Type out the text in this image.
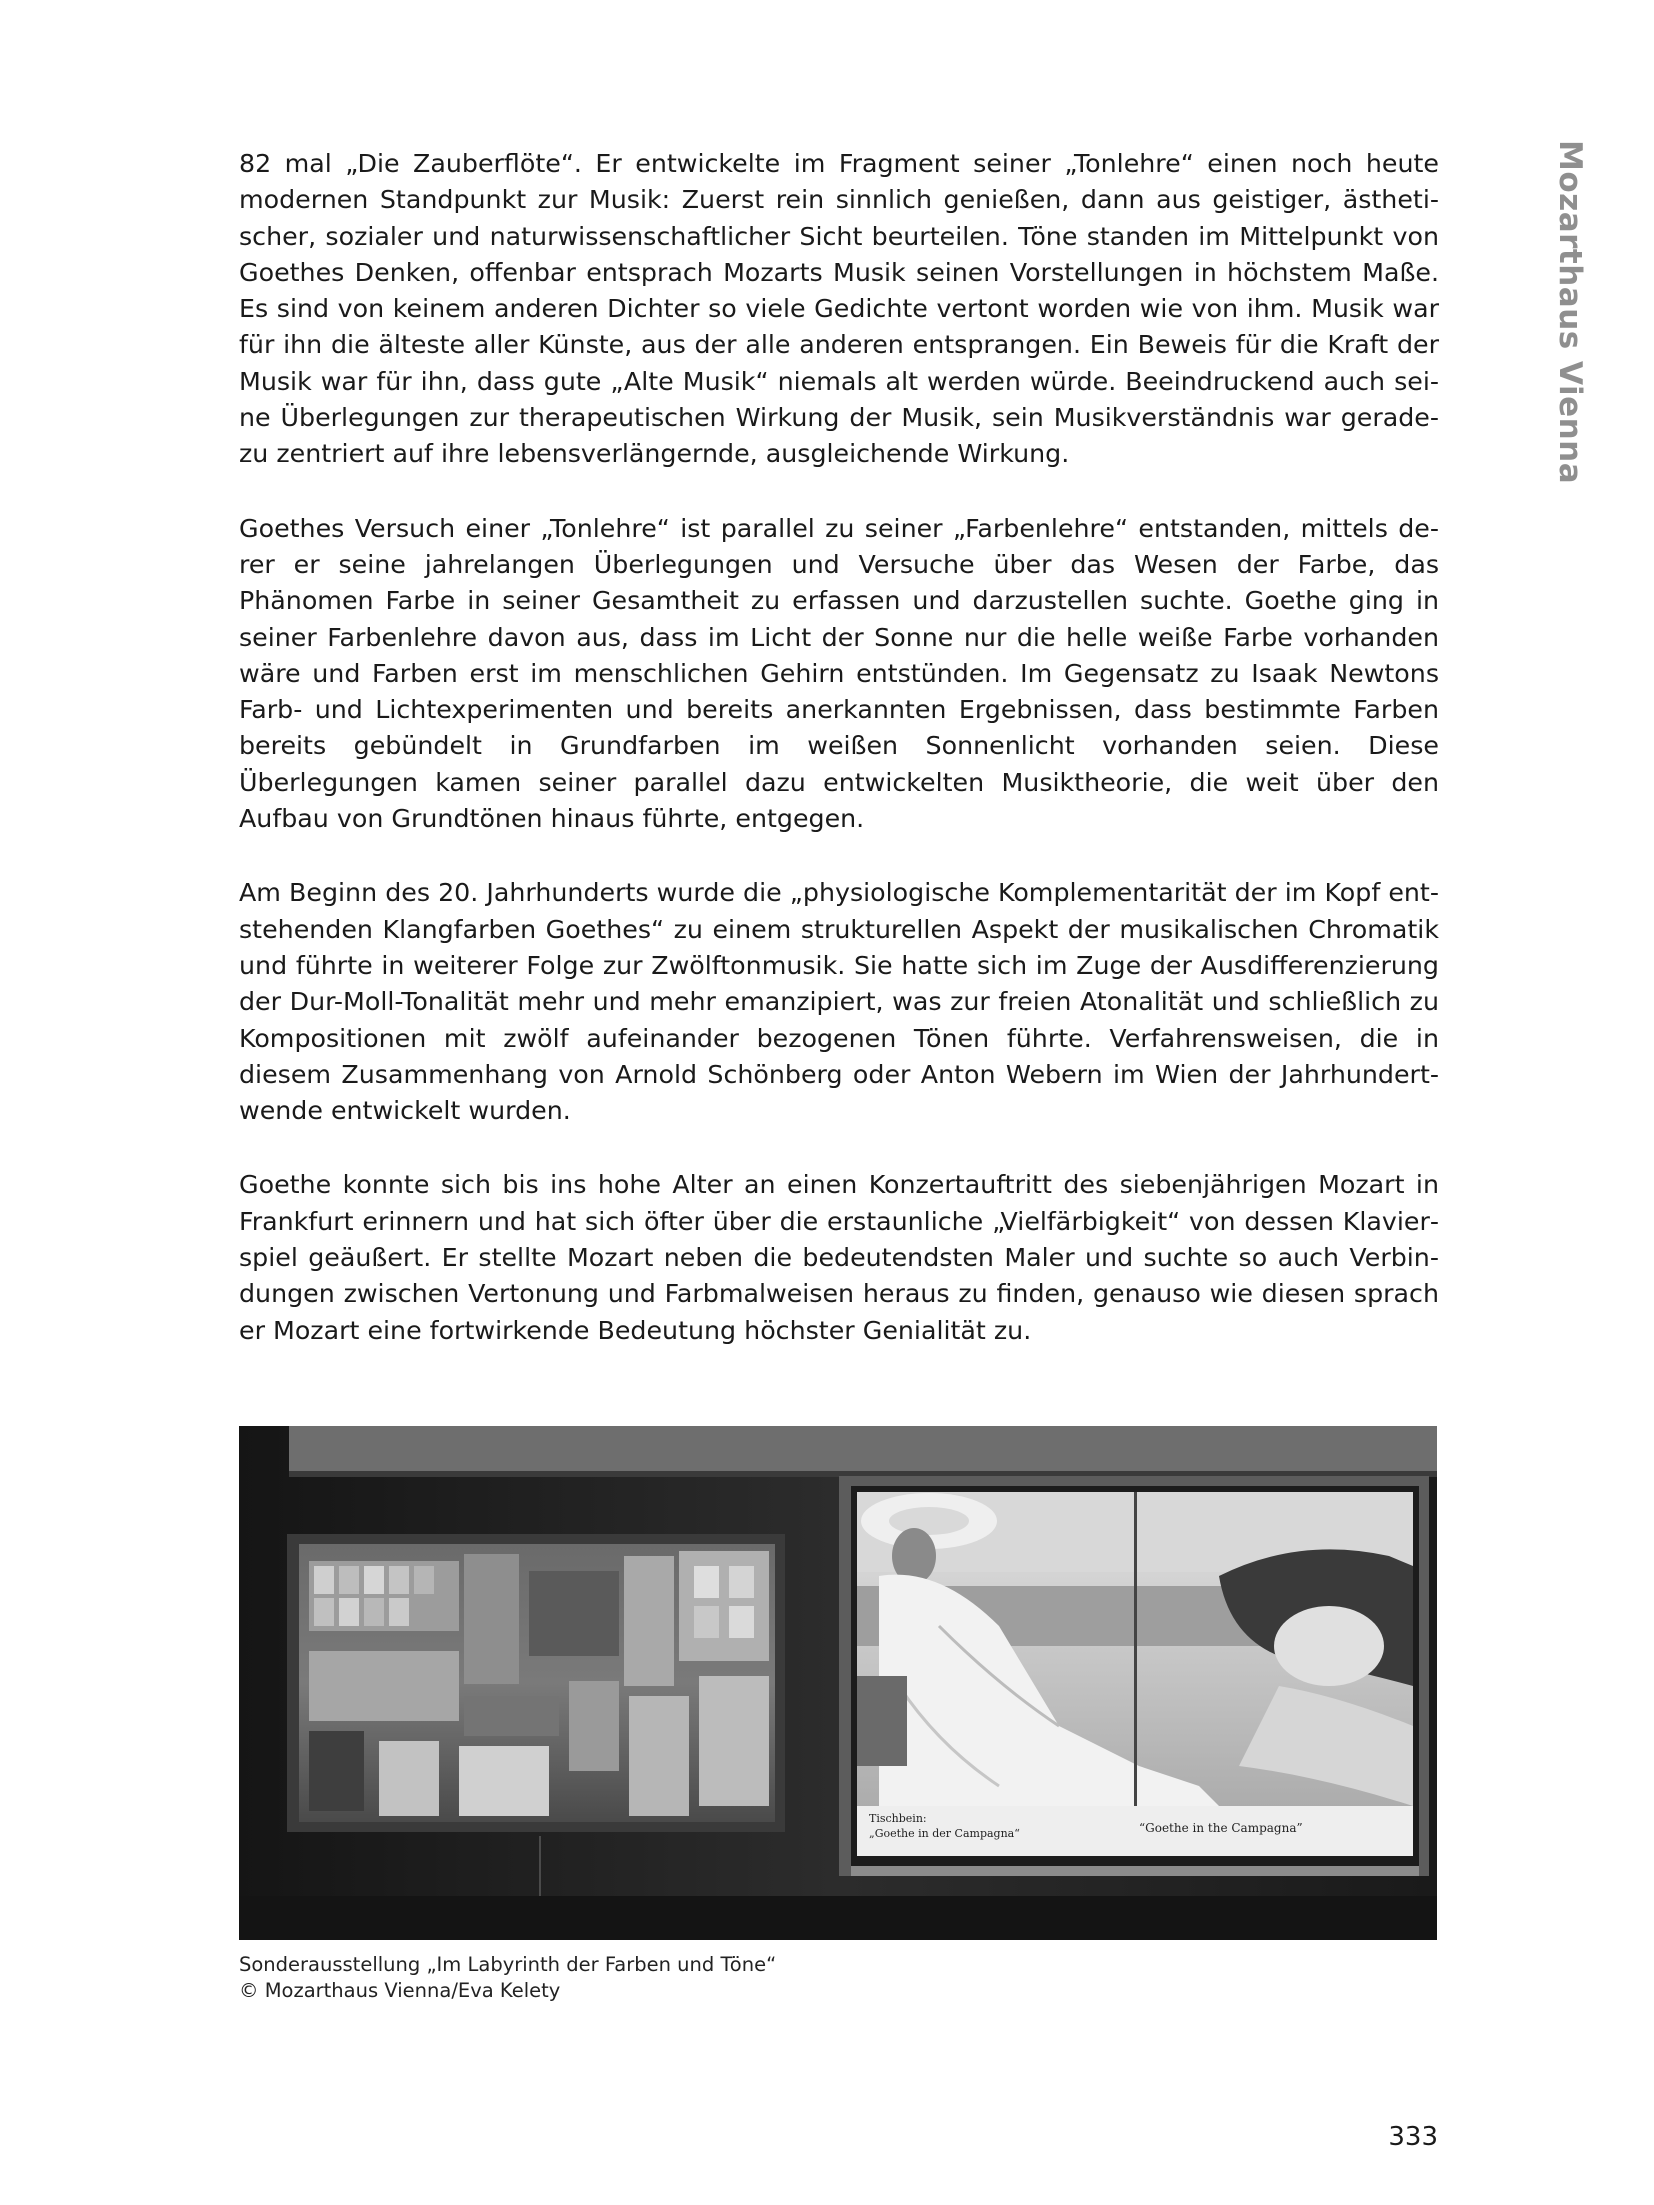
Mozarthaus Vienna

82 mal „Die Zauberflöte“. Er entwickelte im Fragment seiner „Tonlehre“ einen noch heute modernen Standpunkt zur Musik: Zuerst rein sinnlich genießen, dann aus geistiger, ästhetischer, sozialer und naturwissenschaftlicher Sicht beurteilen. Töne standen im Mittelpunkt von Goethes Denken, offenbar entsprach Mozarts Musik seinen Vorstellungen in höchstem Maße. Es sind von keinem anderen Dichter so viele Gedichte vertont worden wie von ihm. Musik war für ihn die älteste aller Künste, aus der alle anderen entsprangen. Ein Beweis für die Kraft der Musik war für ihn, dass gute „Alte Musik“ niemals alt werden würde. Beeindruckend auch seine Überlegungen zur therapeutischen Wirkung der Musik, sein Musikverständnis war geradezu zentriert auf ihre lebensverlängernde, ausgleichende Wirkung.

Goethes Versuch einer „Tonlehre“ ist parallel zu seiner „Farbenlehre“ entstanden, mittels derer er seine jahrelangen Überlegungen und Versuche über das Wesen der Farbe, das Phänomen Farbe in seiner Gesamtheit zu erfassen und darzustellen suchte. Goethe ging in seiner Farbenlehre davon aus, dass im Licht der Sonne nur die helle weiße Farbe vorhanden wäre und Farben erst im menschlichen Gehirn entstünden. Im Gegensatz zu Isaak Newtons Farb- und Lichtexperimenten und bereits anerkannten Ergebnissen, dass bestimmte Farben bereits gebündelt in Grundfarben im weißen Sonnenlicht vorhanden seien. Diese Überlegungen kamen seiner parallel dazu entwickelten Musiktheorie, die weit über den Aufbau von Grundtönen hinaus führte, entgegen.

Am Beginn des 20. Jahrhunderts wurde die „physiologische Komplementarität der im Kopf entstehenden Klangfarben Goethes“ zu einem strukturellen Aspekt der musikalischen Chromatik und führte in weiterer Folge zur Zwölftonmusik. Sie hatte sich im Zuge der Ausdifferenzierung der Dur-Moll-Tonalität mehr und mehr emanzipiert, was zur freien Atonalität und schließlich zu Kompositionen mit zwölf aufeinander bezogenen Tönen führte. Verfahrensweisen, die in diesem Zusammenhang von Arnold Schönberg oder Anton Webern im Wien der Jahrhundertwende entwickelt wurden.

Goethe konnte sich bis ins hohe Alter an einen Konzertauftritt des siebenjährigen Mozart in Frankfurt erinnern und hat sich öfter über die erstaunliche „Vielfärbigkeit“ von dessen Klavierspiel geäußert. Er stellte Mozart neben die bedeutendsten Maler und suchte so auch Verbindungen zwischen Vertonung und Farbmalweisen heraus zu finden, genauso wie diesen sprach er Mozart eine fortwirkende Bedeutung höchster Genialität zu.

Tischbein:
„Goethe in der Campagna“	“Goethe in the Campagna”
Sonderausstellung „Im Labyrinth der Farben und Töne“
© Mozarthaus Vienna/Eva Kelety
333
